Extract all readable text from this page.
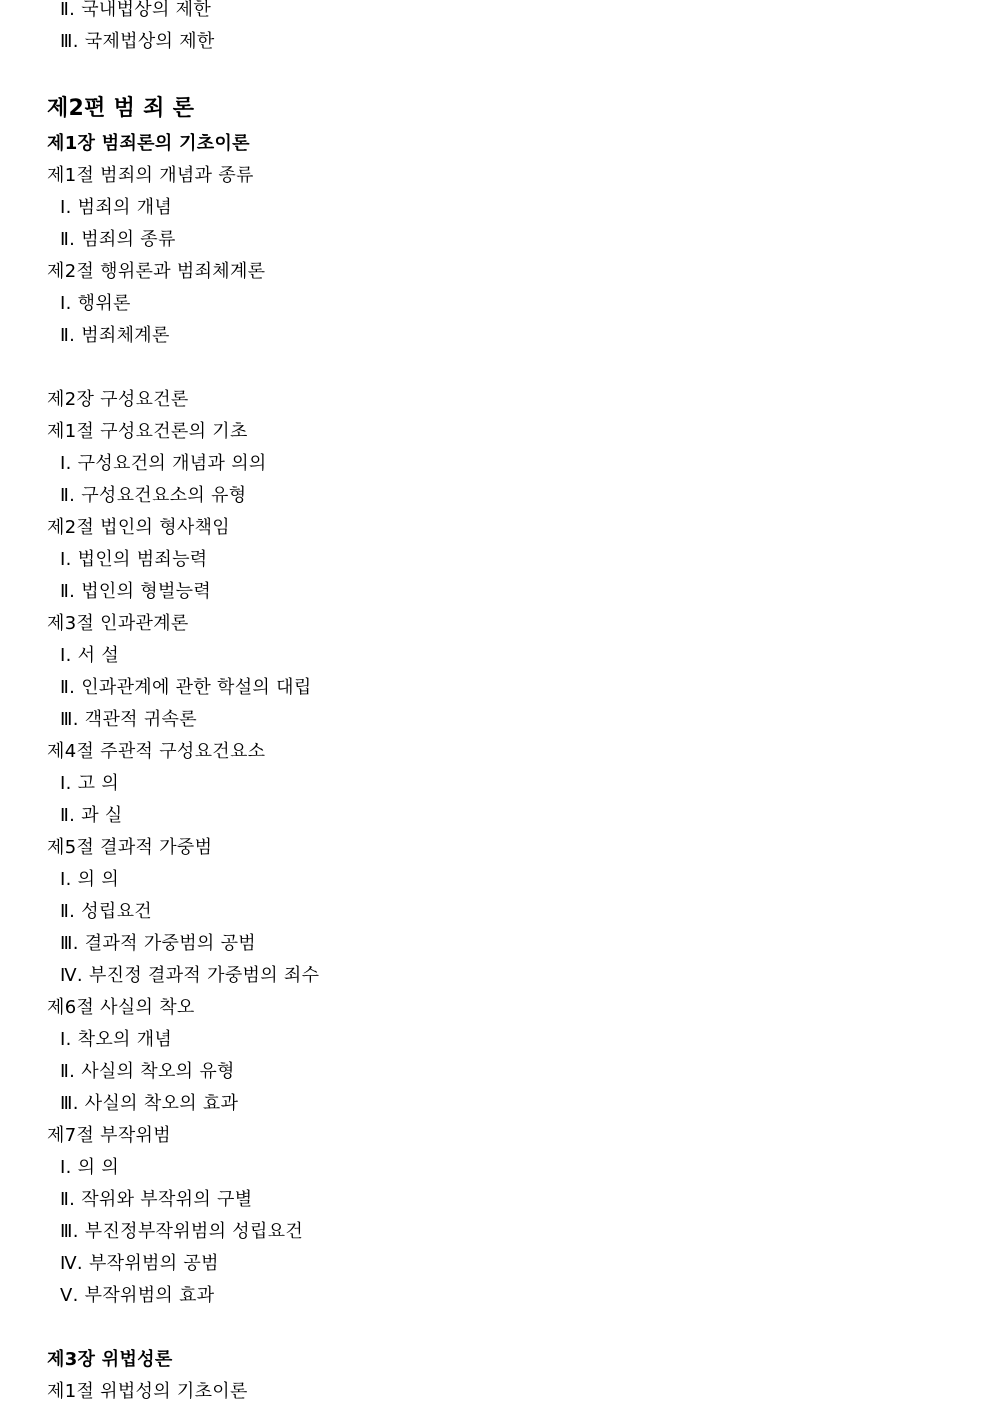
Ⅱ. 국내법상의 제한
Ⅲ. 국제법상의 제한
제2편 범 죄 론
제1장 범죄론의 기초이론
제1절 범죄의 개념과 종류
Ⅰ. 범죄의 개념
Ⅱ. 범죄의 종류
제2절 행위론과 범죄체계론
Ⅰ. 행위론
Ⅱ. 범죄체계론
제2장 구성요건론
제1절 구성요건론의 기초
Ⅰ. 구성요건의 개념과 의의
Ⅱ. 구성요건요소의 유형
제2절 법인의 형사책임
Ⅰ. 법인의 범죄능력
Ⅱ. 법인의 형벌능력
제3절 인과관계론
Ⅰ. 서 설
Ⅱ. 인과관계에 관한 학설의 대립
Ⅲ. 객관적 귀속론
제4절 주관적 구성요건요소
Ⅰ. 고 의
Ⅱ. 과 실
제5절 결과적 가중범
Ⅰ. 의 의
Ⅱ. 성립요건
Ⅲ. 결과적 가중범의 공범
Ⅳ. 부진정 결과적 가중범의 죄수
제6절 사실의 착오
Ⅰ. 착오의 개념
Ⅱ. 사실의 착오의 유형
Ⅲ. 사실의 착오의 효과
제7절 부작위범
Ⅰ. 의 의
Ⅱ. 작위와 부작위의 구별
Ⅲ. 부진정부작위범의 성립요건
Ⅳ. 부작위범의 공범
Ⅴ. 부작위범의 효과
제3장 위법성론
제1절 위법성의 기초이론
